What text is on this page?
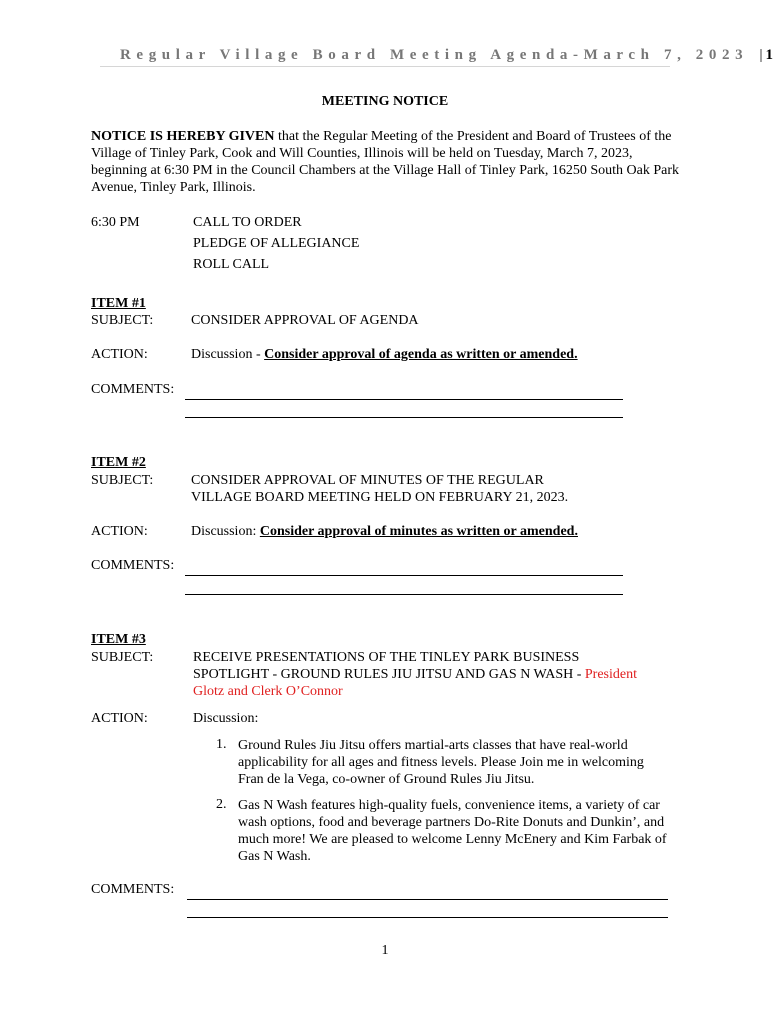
Regular Village Board Meeting Agenda-March 7, 2023 | 1
MEETING NOTICE
NOTICE IS HEREBY GIVEN that the Regular Meeting of the President and Board of Trustees of the Village of Tinley Park, Cook and Will Counties, Illinois will be held on Tuesday, March 7, 2023, beginning at 6:30 PM in the Council Chambers at the Village Hall of Tinley Park, 16250 South Oak Park Avenue, Tinley Park, Illinois.
6:30 PM	CALL TO ORDER
PLEDGE OF ALLEGIANCE
ROLL CALL
ITEM #1
SUBJECT:	CONSIDER APPROVAL OF AGENDA
ACTION:	Discussion - Consider approval of agenda as written or amended.
COMMENTS:
ITEM #2
SUBJECT:	CONSIDER APPROVAL OF MINUTES OF THE REGULAR
VILLAGE BOARD MEETING HELD ON FEBRUARY 21, 2023.
ACTION:	Discussion: Consider approval of minutes as written or amended.
COMMENTS:
ITEM #3
SUBJECT:	RECEIVE PRESENTATIONS OF THE TINLEY PARK BUSINESS
SPOTLIGHT - GROUND RULES JIU JITSU AND GAS N WASH - President
Glotz and Clerk O’Connor
ACTION:	Discussion:
1. Ground Rules Jiu Jitsu offers martial-arts classes that have real-world applicability for all ages and fitness levels. Please Join me in welcoming Fran de la Vega, co-owner of Ground Rules Jiu Jitsu.
2. Gas N Wash features high-quality fuels, convenience items, a variety of car wash options, food and beverage partners Do-Rite Donuts and Dunkin’, and much more! We are pleased to welcome Lenny McEnery and Kim Farbak of Gas N Wash.
COMMENTS:
1
